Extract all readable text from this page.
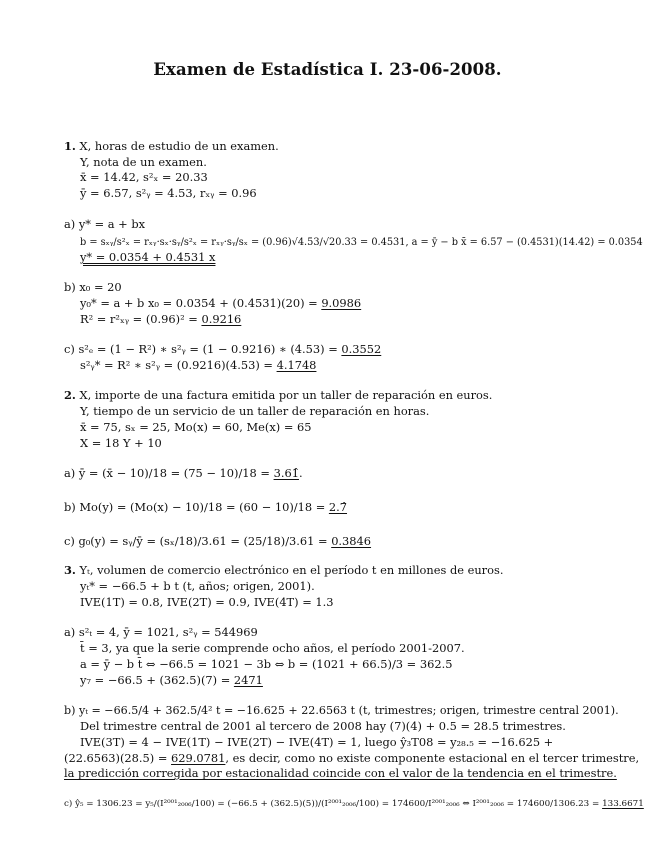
Examen de Estadística I. 23-06-2008.
1. X, horas de estudio de un examen.
Y, nota de un examen.
x̄ = 14.42, s²ₓ = 20.33
ȳ = 6.57, s²ᵧ = 4.53, rₓᵧ = 0.96
a) y* = a + bx
b = sₓᵧ/s²ₓ = rₓᵧ·sₓ·sᵧ/s²ₓ = rₓᵧ·sᵧ/sₓ = (0.96)√4.53/√20.33 = 0.4531, a = ȳ − b x̄ = 6.57 − (0.4531)(14.42) = 0.0354
y* = 0.0354 + 0.4531 x
b) x₀ = 20
y₀* = a + b x₀ = 0.0354 + (0.4531)(20) = 9.0986
R² = r²ₓᵧ = (0.96)² = 0.9216
c) s²ₑ = (1 − R²) ∗ s²ᵧ = (1 − 0.9216) ∗ (4.53) = 0.3552
s²ᵧ* = R² ∗ s²ᵧ = (0.9216)(4.53) = 4.1748
2. X, importe de una factura emitida por un taller de reparación en euros.
Y, tiempo de un servicio de un taller de reparación en horas.
x̄ = 75, sₓ = 25, Mo(x) = 60, Me(x) = 65
X = 18 Y + 10
a) ȳ = (x̄ − 10)/18 = (75 − 10)/18 = 3.61̂.
b) Mo(y) = (Mo(x) − 10)/18 = (60 − 10)/18 = 2.7̂
c) g₀(y) = sᵧ/ȳ = (sₓ/18)/3.61 = (25/18)/3.61 = 0.3846
3. Yₜ, volumen de comercio electrónico en el período t en millones de euros.
yₜ* = −66.5 + b t (t, años; origen, 2001).
IVE(1T) = 0.8, IVE(2T) = 0.9, IVE(4T) = 1.3
a) s²ₜ = 4, ȳ = 1021, s²ᵧ = 544969
t̄ = 3, ya que la serie comprende ocho años, el período 2001-2007.
a = ȳ − b t̄ ⇔ −66.5 = 1021 − 3b ⇔ b = (1021 + 66.5)/3 = 362.5
y₇ = −66.5 + (362.5)(7) = 2471
b) yₜ = −66.5/4 + 362.5/4² t = −16.625 + 22.6563 t (t, trimestres; origen, trimestre central 2001).
Del trimestre central de 2001 al tercero de 2008 hay (7)(4) + 0.5 = 28.5 trimestres.
IVE(3T) = 4 − IVE(1T) − IVE(2T) − IVE(4T) = 1, luego ŷ₃T08 = y₂₈.₅ = −16.625 +
(22.6563)(28.5) = 629.0781, es decir, como no existe componente estacional en el tercer trimestre,
la predicción corregida por estacionalidad coincide con el valor de la tendencia en el trimestre.
c) ŷ₅ = 1306.23 = y₅/(I²⁰⁰¹₂₀₀₆/100) = (−66.5 + (362.5)(5))/(I²⁰⁰¹₂₀₀₆/100) = 174600/I²⁰⁰¹₂₀₀₆ ⇔ I²⁰⁰¹₂₀₀₆ = 174600/1306.23 = 133.6671
